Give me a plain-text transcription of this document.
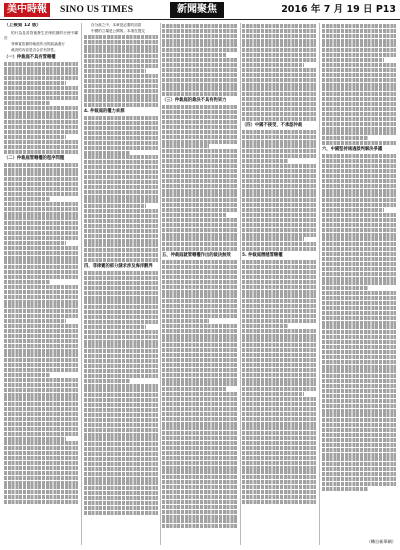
美中時報	SINO US TIMES	新聞聚焦	2016 年 7 月 19 日 P13
（上接第 12 版）
的行為及其背後發生法律依據的行使不屬於
菲律賓依據仲裁庭作出的結論進行
裁決的內容是否合法有效性。
（一）仲裁庭不具有管轄權
（二）仲裁庭管轄權的程序問題
在分歧之中，本章是必要的詞語
中國的立場是公開的。本項在提交
4. 仲裁庭的權力來源
四、菲律賓的部分請求涉及海洋劃界
（三）仲裁庭的裁決不具有拘束力
五、仲裁庭就管轄權作出的裁決無效
（四）中國不接受、不承認仲裁
5. 仲裁庭僭越管轄權
六、中國堅持通過談判解決爭議
（轉自新華網）
